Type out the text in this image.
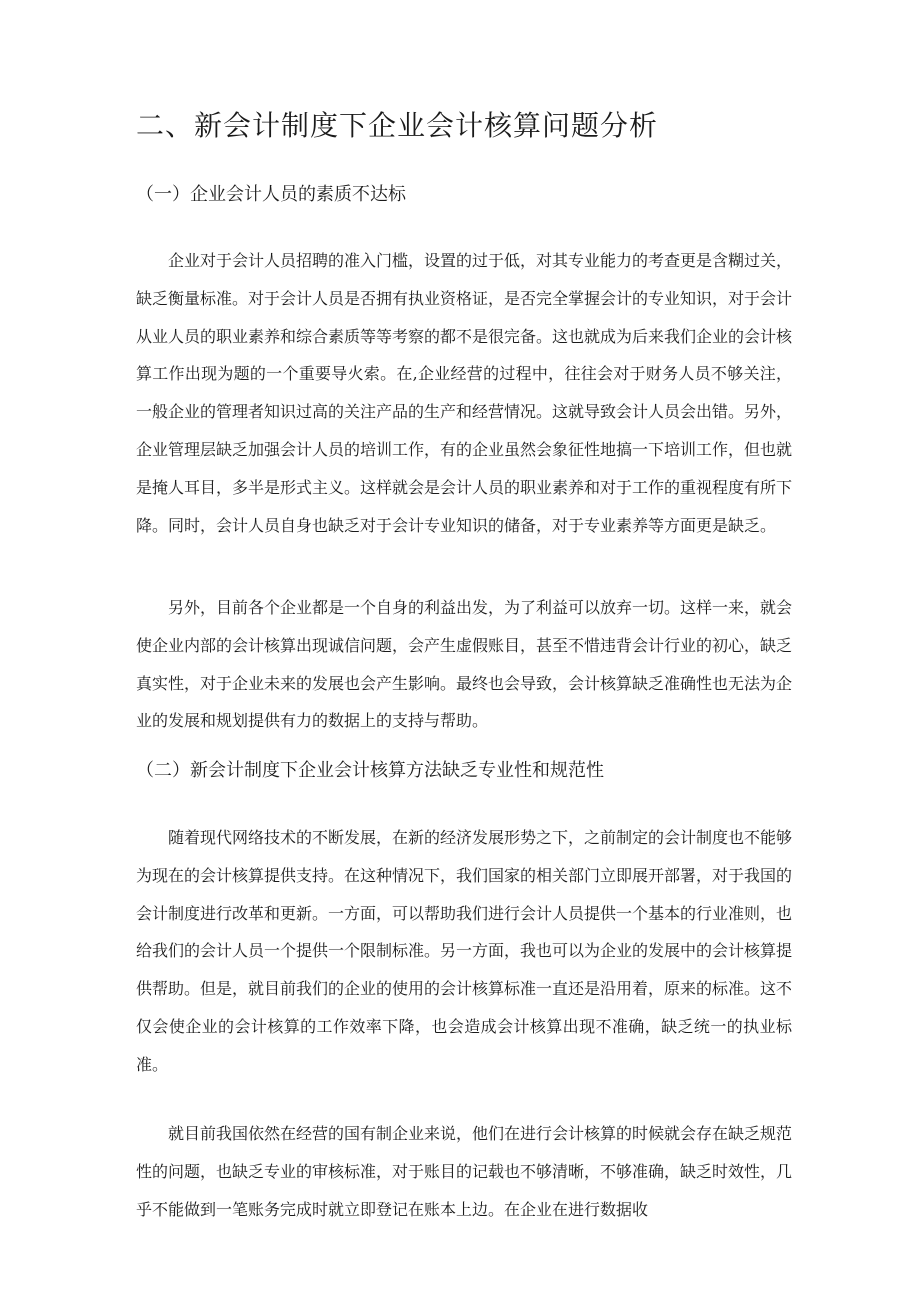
二、新会计制度下企业会计核算问题分析
（一）企业会计人员的素质不达标

企业对于会计人员招聘的准入门槛，设置的过于低，对其专业能力的考查更是含糊过关，缺乏衡量标准。对于会计人员是否拥有执业资格证，是否完全掌握会计的专业知识，对于会计从业人员的职业素养和综合素质等等考察的都不是很完备。这也就成为后来我们企业的会计核算工作出现为题的一个重要导火索。在,企业经营的过程中，往往会对于财务人员不够关注，一般企业的管理者知识过高的关注产品的生产和经营情况。这就导致会计人员会出错。另外，企业管理层缺乏加强会计人员的培训工作，有的企业虽然会象征性地搞一下培训工作，但也就是掩人耳目，多半是形式主义。这样就会是会计人员的职业素养和对于工作的重视程度有所下降。同时，会计人员自身也缺乏对于会计专业知识的储备，对于专业素养等方面更是缺乏。

另外，目前各个企业都是一个自身的利益出发，为了利益可以放弃一切。这样一来，就会使企业内部的会计核算出现诚信问题，会产生虚假账目，甚至不惜违背会计行业的初心，缺乏真实性，对于企业未来的发展也会产生影响。最终也会导致，会计核算缺乏准确性也无法为企业的发展和规划提供有力的数据上的支持与帮助。

（二）新会计制度下企业会计核算方法缺乏专业性和规范性

随着现代网络技术的不断发展，在新的经济发展形势之下，之前制定的会计制度也不能够为现在的会计核算提供支持。在这种情况下，我们国家的相关部门立即展开部署，对于我国的会计制度进行改革和更新。一方面，可以帮助我们进行会计人员提供一个基本的行业准则，也给我们的会计人员一个提供一个限制标准。另一方面，我也可以为企业的发展中的会计核算提供帮助。但是，就目前我们的企业的使用的会计核算标准一直还是沿用着，原来的标准。这不仅会使企业的会计核算的工作效率下降，也会造成会计核算出现不准确，缺乏统一的执业标准。

就目前我国依然在经营的国有制企业来说，他们在进行会计核算的时候就会存在缺乏规范性的问题，也缺乏专业的审核标准，对于账目的记载也不够清晰，不够准确，缺乏时效性，几乎不能做到一笔账务完成时就立即登记在账本上边。在企业在进行数据收
